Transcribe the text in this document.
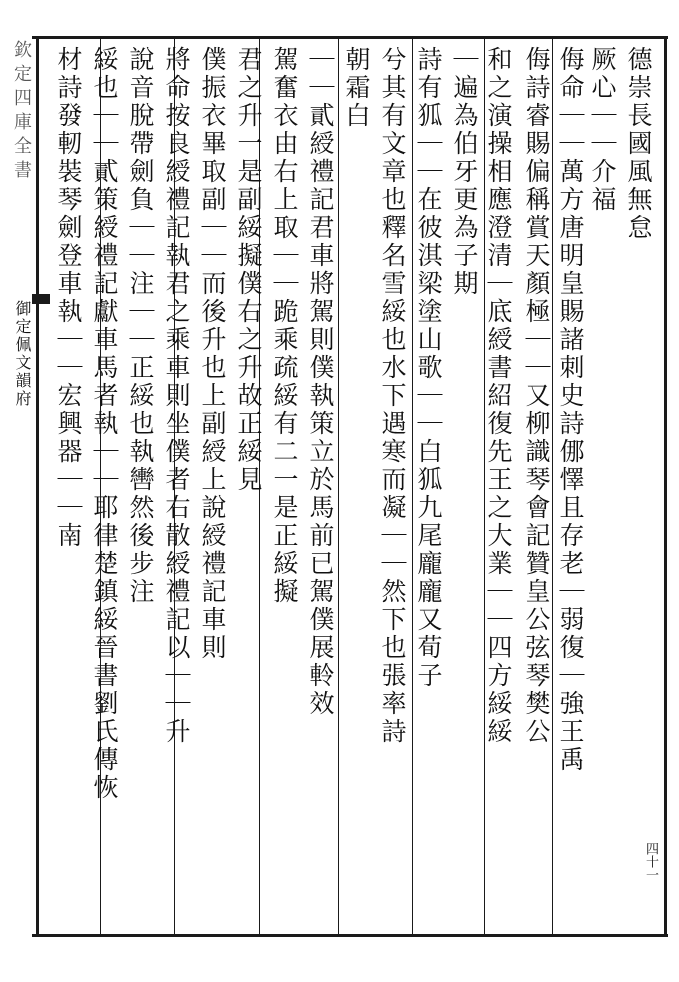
欽定四庫全書
御定佩文韻府
德崇長國風無怠
厥心｜｜介福
侮命｜｜萬方唐明皇賜諸刺史詩㑚懌且存老｜弱復｜強王禹
侮詩睿賜偏稱賞天顏極｜｜又柳識琴會記贊皇公弦琴樊公
和之演操相應澄清｜底綬書紹復先王之大業｜｜四方綏綏
｜遍為伯牙更為子期
詩有狐｜｜在彼淇梁塗山歌｜｜白狐九尾龐龐又荀子
兮其有文章也釋名雪綏也水下遇寒而凝｜｜然下也張率詩
朝霜白
｜｜貳綬禮記君車將駕則僕執策立於馬前已駕僕展軨效
駕奮衣由右上取｜｜跪乘疏綏有二一是正綏擬
君之升一是副綏擬僕右之升故正綏見
僕振衣畢取副｜｜而後升也上副綬上說綬禮記車則
將命按良綬禮記執君之乘車則坐僕者右散綬禮記以｜｜升
說音脫帶劍負｜｜注｜｜正綏也執轡然後步注
綏也｜｜貳策綬禮記獻車馬者執｜｜耶律楚鎮綏晉書劉氏傳恢
材詩發軔裝琴劍登車執｜｜宏興器｜｜南
四十一
